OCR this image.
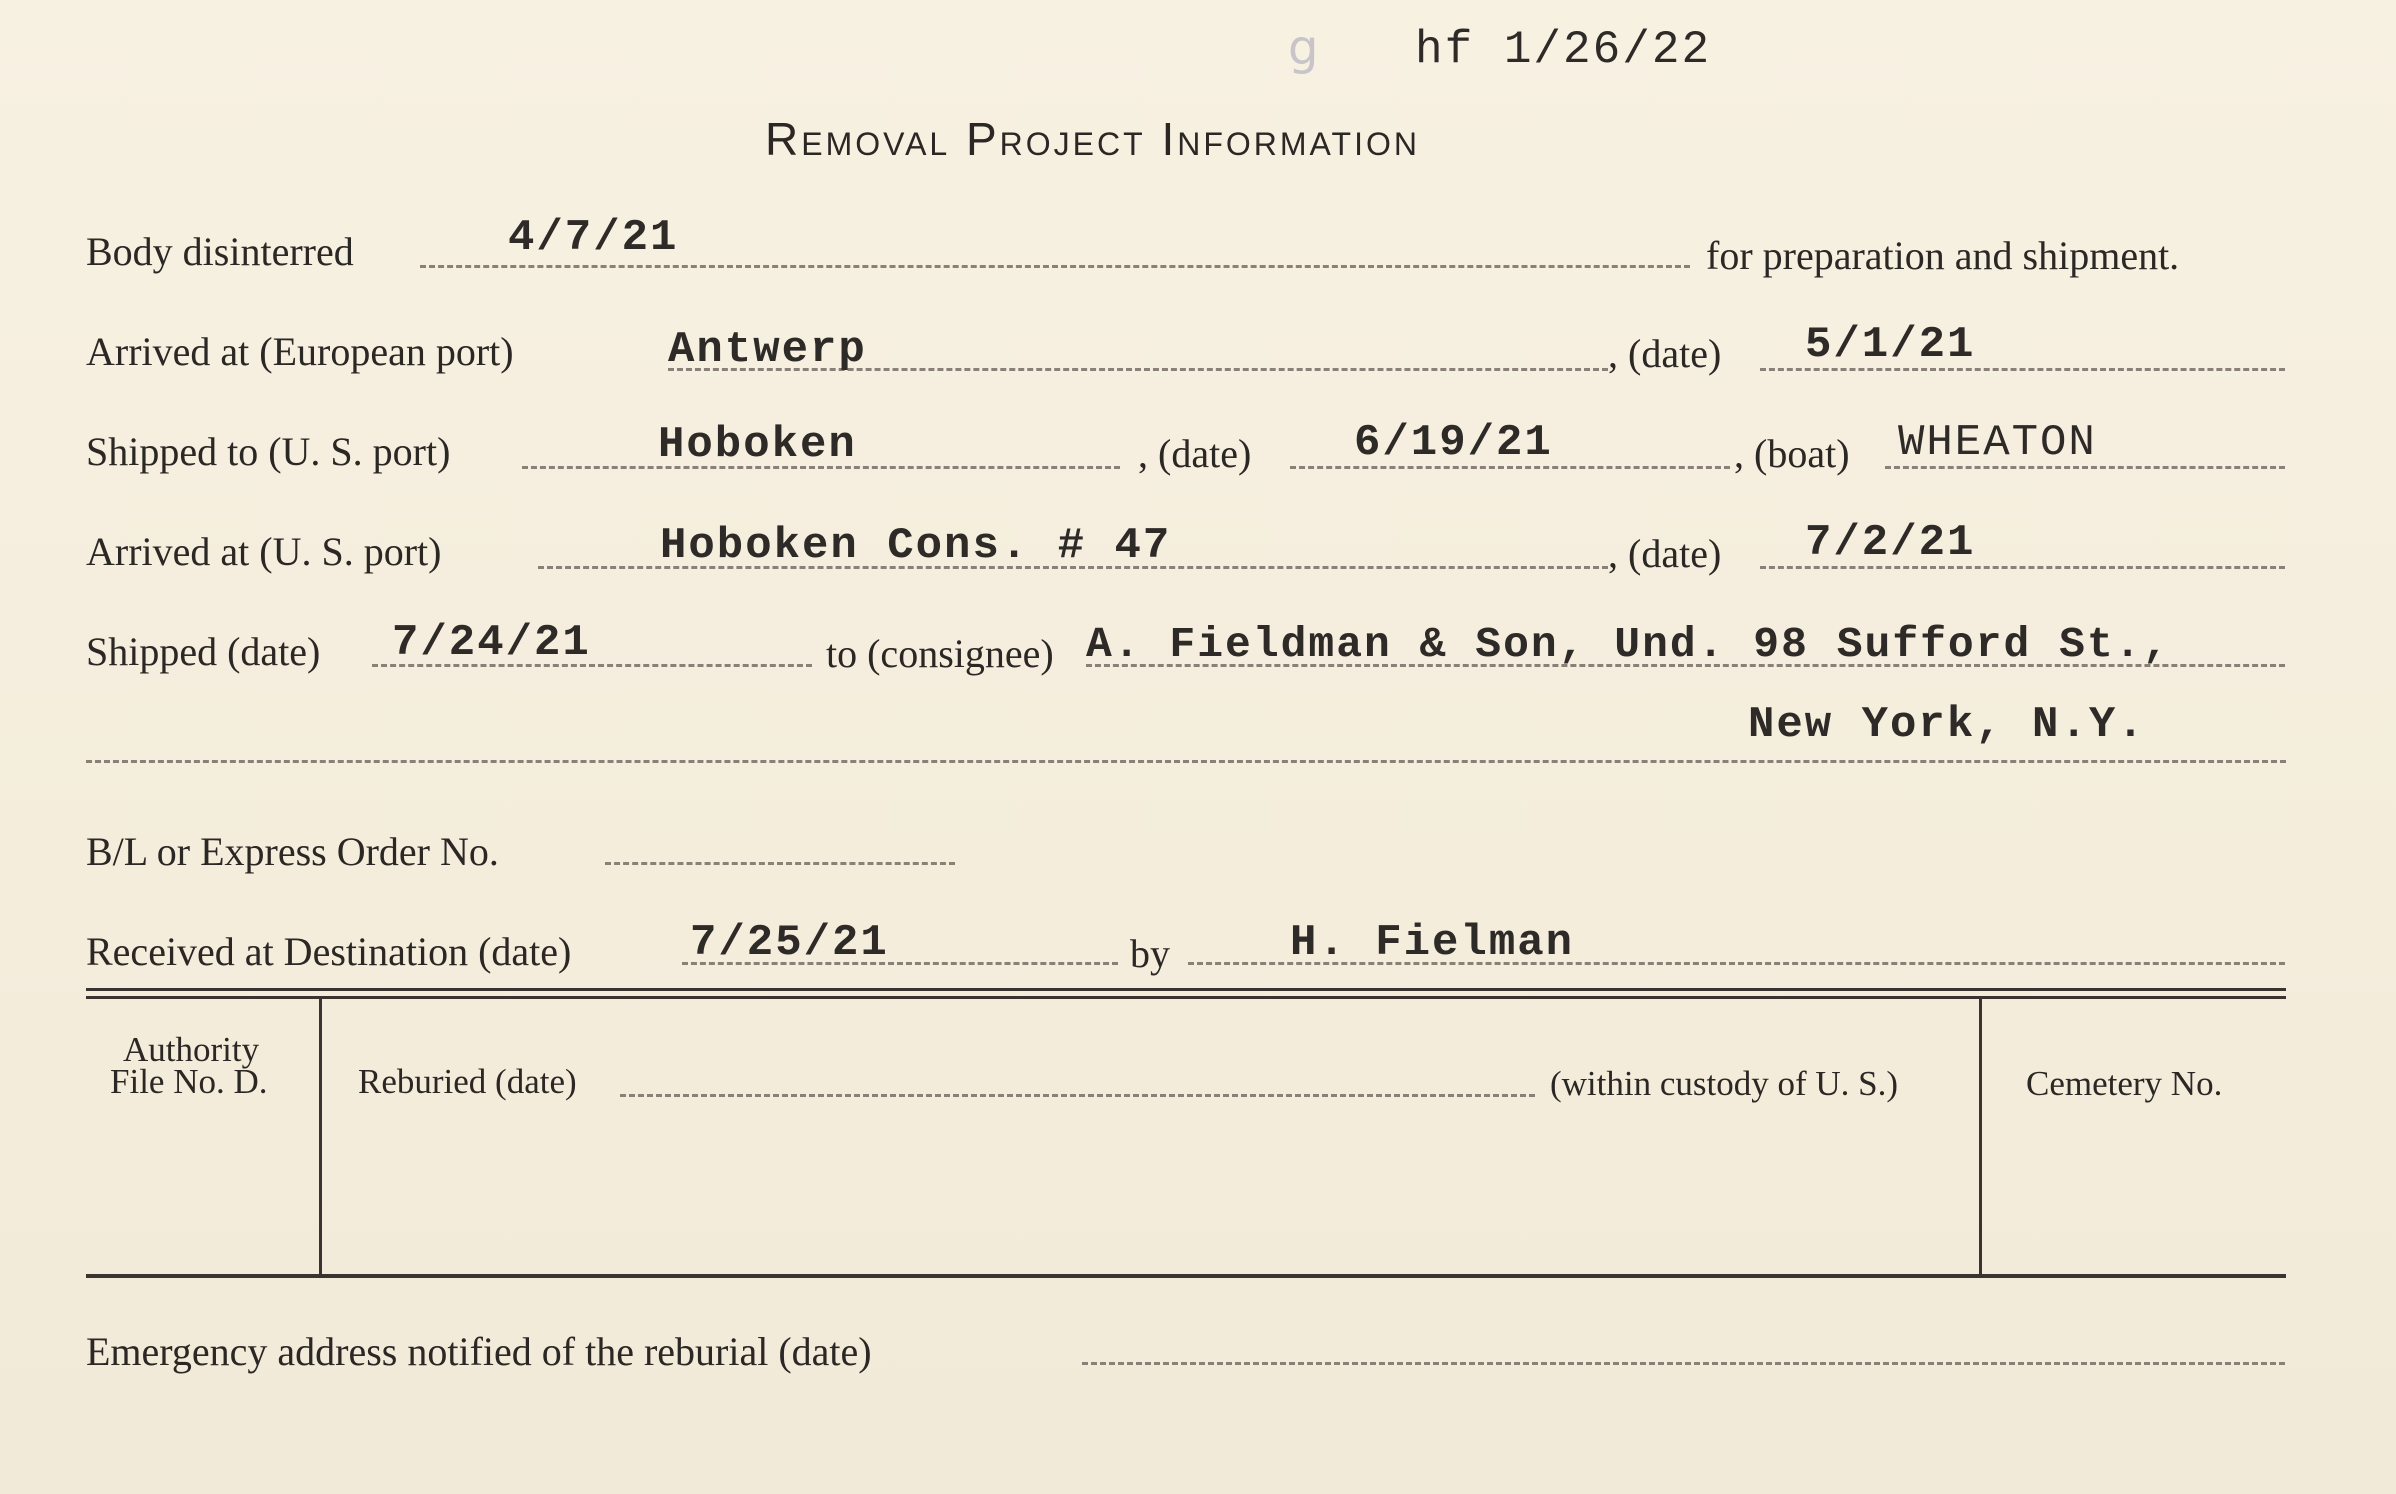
g hf 1/26/22
Removal Project Information
Body disinterred	4/7/21	for preparation and shipment.
Arrived at (European port)	Antwerp	, (date) 5/1/21
Shipped to (U. S. port)	Hoboken	, (date) 6/19/21	, (boat) WHEATON
Arrived at (U. S. port)	Hoboken Cons. # 47	, (date) 7/2/21
Shipped (date) 7/24/21	to (consignee) A. Fieldman & Son, Und. 98 Sufford St.,
New York, N.Y.
B/L or Express Order No.
Received at Destination (date)	7/25/21	by	H. Fielman
Authority
File No. D.	Reburied (date)	(within custody of U. S.)	Cemetery No.
Emergency address notified of the reburial (date)
